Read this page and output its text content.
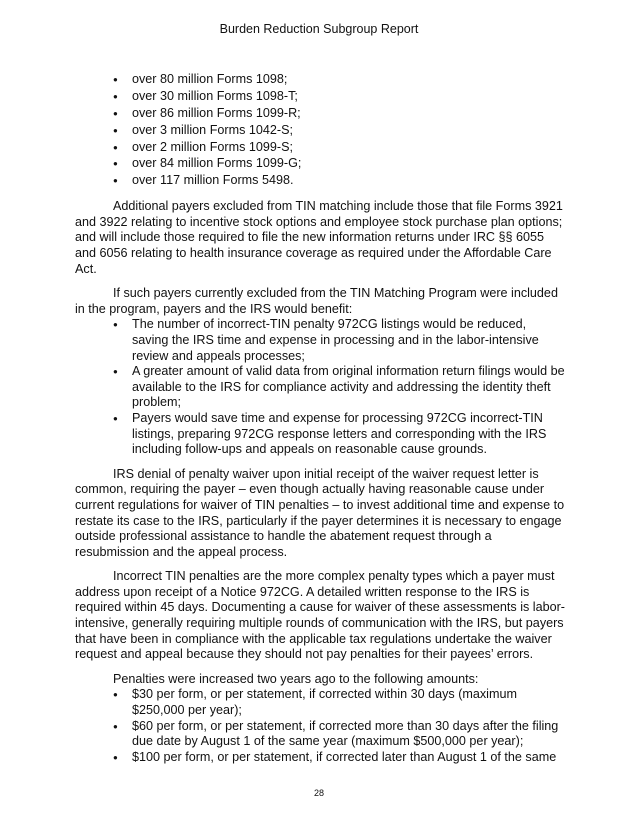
Burden Reduction Subgroup Report
● over 80 million Forms 1098;
● over 30 million Forms 1098-T;
● over 86 million Forms 1099-R;
● over 3 million Forms 1042-S;
● over 2 million Forms 1099-S;
● over 84 million Forms 1099-G;
● over 117 million Forms 5498.

Additional payers excluded from TIN matching include those that file Forms 3921 and 3922 relating to incentive stock options and employee stock purchase plan options; and will include those required to file the new information returns under IRC §§ 6055 and 6056 relating to health insurance coverage as required under the Affordable Care Act.

If such payers currently excluded from the TIN Matching Program were included in the program, payers and the IRS would benefit:

● The number of incorrect-TIN penalty 972CG listings would be reduced, saving the IRS time and expense in processing and in the labor-intensive review and appeals processes;
● A greater amount of valid data from original information return filings would be available to the IRS for compliance activity and addressing the identity theft problem;
● Payers would save time and expense for processing 972CG incorrect-TIN listings, preparing 972CG response letters and corresponding with the IRS including follow-ups and appeals on reasonable cause grounds.

IRS denial of penalty waiver upon initial receipt of the waiver request letter is common, requiring the payer – even though actually having reasonable cause under current regulations for waiver of TIN penalties – to invest additional time and expense to restate its case to the IRS, particularly if the payer determines it is necessary to engage outside professional assistance to handle the abatement request through a resubmission and the appeal process.

Incorrect TIN penalties are the more complex penalty types which a payer must address upon receipt of a Notice 972CG. A detailed written response to the IRS is required within 45 days. Documenting a cause for waiver of these assessments is labor-intensive, generally requiring multiple rounds of communication with the IRS, but payers that have been in compliance with the applicable tax regulations undertake the waiver request and appeal because they should not pay penalties for their payees’ errors.

Penalties were increased two years ago to the following amounts:

● $30 per form, or per statement, if corrected within 30 days (maximum $250,000 per year);
● $60 per form, or per statement, if corrected more than 30 days after the filing due date by August 1 of the same year (maximum $500,000 per year);
● $100 per form, or per statement, if corrected later than August 1 of the same
28
